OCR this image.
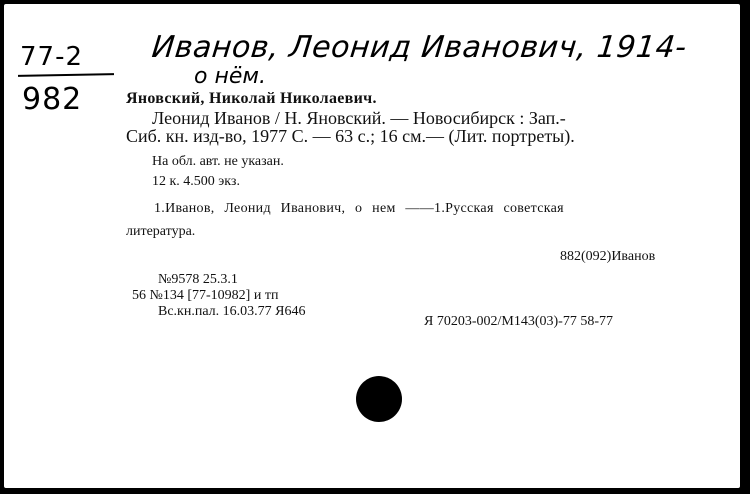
77-2
982
Иванов, Леонид Иванович, 1914-
о нём.
Яновский, Николай Николаевич.
Леонид Иванов / Н. Яновский. — Новосибирск : Зап.-
Сиб. кн. изд-во, 1977 С. — 63 с.; 16 см.— (Лит. портреты).
На обл. авт. не указан.
12 к. 4.500 экз.
1.Иванов, Леонид Иванович, о нем ——1.Русская советская
литература.
882(092)Иванов
№9578 25.3.1
56 №134 [77-10982] и тп
Вс.кн.пал. 16.03.77 Я646
Я 70203-002/М143(03)-77 58-77
